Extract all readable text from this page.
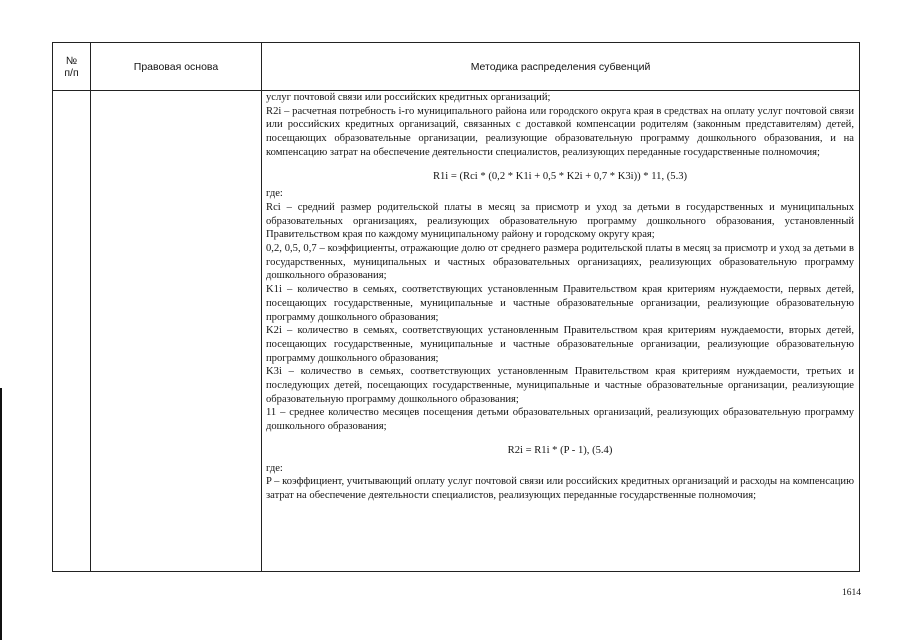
№
п/п	Правовая основа	Методика распределения субвенций

услуг почтовой связи или российских кредитных организаций;

R2i – расчетная потребность i-го муниципального района или городского округа края в средствах на оплату услуг почтовой связи или российских кредитных организаций, связанных с доставкой компенсации родителям (законным представителям) детей, посещающих образовательные организации, реализующие образовательную программу дошкольного образования, и на компенсацию затрат на обеспечение деятельности специалистов, реализующих переданные государственные полномочия;

R1i = (Rci * (0,2 * K1i + 0,5 * K2i + 0,7 * K3i)) * 11, (5.3)

где:

Rci – средний размер родительской платы в месяц за присмотр и уход за детьми в государственных и муниципальных образовательных организациях, реализующих образовательную программу дошкольного образования, установленный Правительством края по каждому муниципальному району и городскому округу края;

0,2, 0,5, 0,7 – коэффициенты, отражающие долю от среднего размера родительской платы в месяц за присмотр и уход за детьми в государственных, муниципальных и частных образовательных организациях, реализующих образовательную программу дошкольного образования;

K1i – количество в семьях, соответствующих установленным Правительством края критериям нуждаемости, первых детей, посещающих государственные, муниципальные и частные образовательные организации, реализующие образовательную программу дошкольного образования;

K2i – количество в семьях, соответствующих установленным Правительством края критериям нуждаемости, вторых детей, посещающих государственные, муниципальные и частные образовательные организации, реализующие образовательную программу дошкольного образования;

K3i – количество в семьях, соответствующих установленным Правительством края критериям нуждаемости, третьих и последующих детей, посещающих государственные, муниципальные и частные образовательные организации, реализующие образовательную программу дошкольного образования;

11 – среднее количество месяцев посещения детьми образовательных организаций, реализующих образовательную программу дошкольного образования;

R2i = R1i * (P - 1), (5.4)

где:

P – коэффициент, учитывающий оплату услуг почтовой связи или российских кредитных организаций и расходы на компенсацию затрат на обеспечение деятельности специалистов, реализующих переданные государственные полномочия;

1614
